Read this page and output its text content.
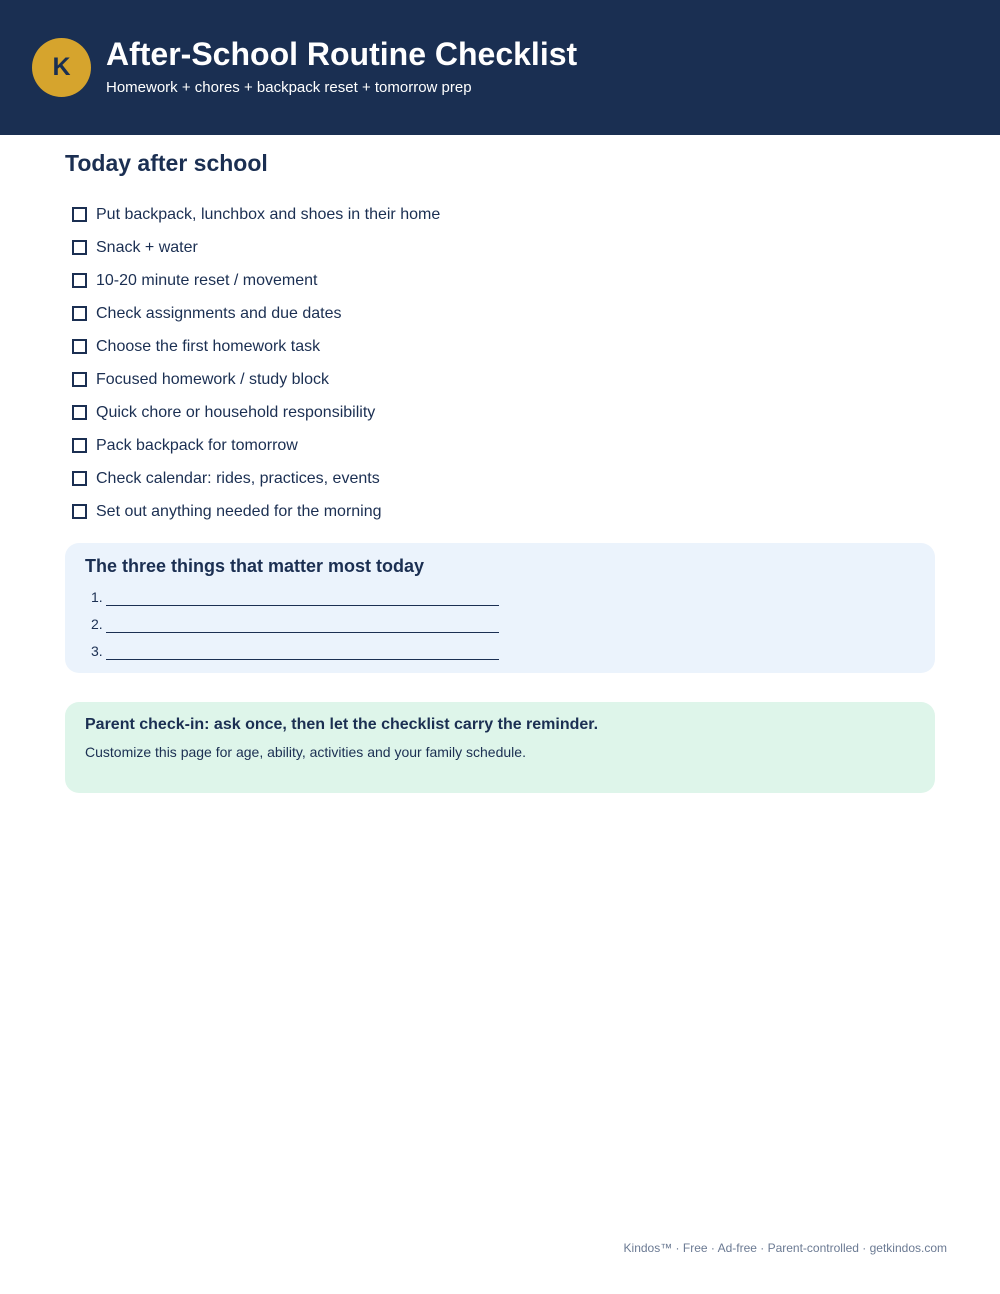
K	After-School Routine Checklist
Homework + chores + backpack reset + tomorrow prep
Today after school
Put backpack, lunchbox and shoes in their home
Snack + water
10-20 minute reset / movement
Check assignments and due dates
Choose the first homework task
Focused homework / study block
Quick chore or household responsibility
Pack backpack for tomorrow
Check calendar: rides, practices, events
Set out anything needed for the morning
The three things that matter most today
1.
2.
3.
Parent check-in: ask once, then let the checklist carry the reminder.
Customize this page for age, ability, activities and your family schedule.
Kindos™ · Free · Ad-free · Parent-controlled · getkindos.com
